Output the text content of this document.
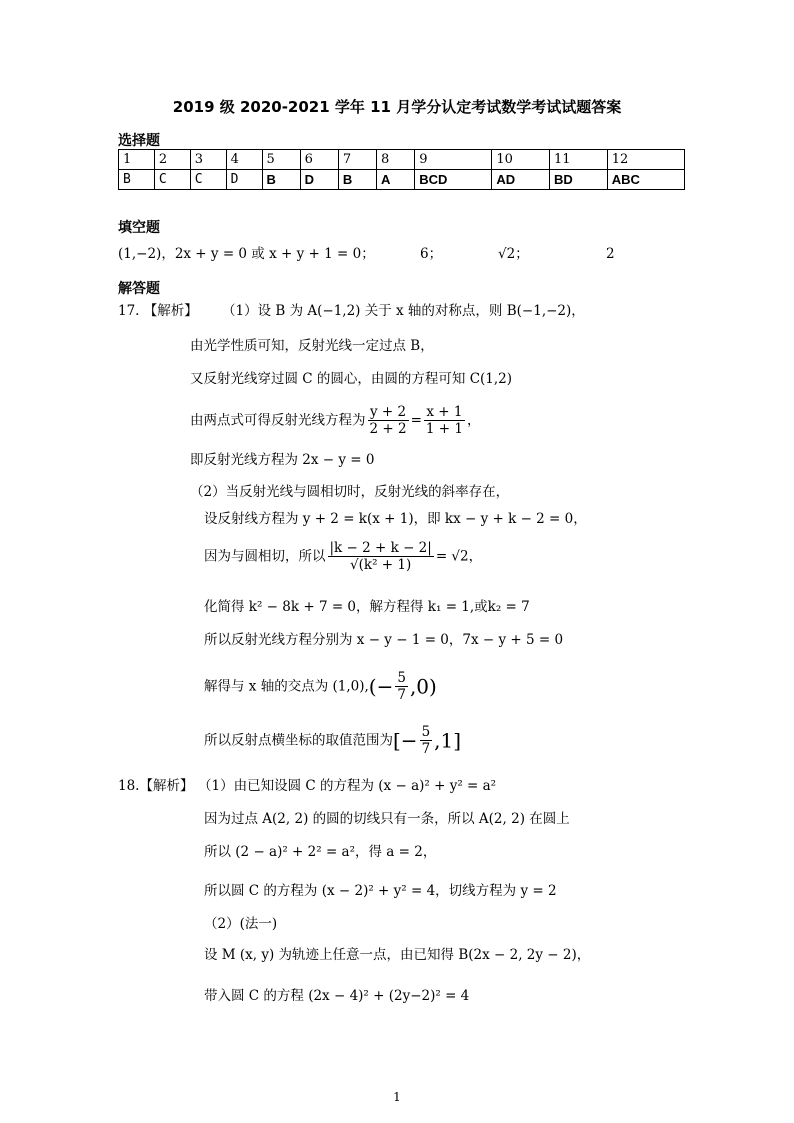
2019 级 2020-2021 学年 11 月学分认定考试数学考试试题答案
选择题
1	2	3	4	5	6	7	8	9	10	11	12
B	C	C	D	B	D	B	A	BCD	AD	BD	ABC
填空题
(1,−2)，2x + y = 0 或 x + y + 1 = 0；	6；	√2；	2
解答题
17. 【解析】 （1）设 B 为 A(−1,2) 关于 x 轴的对称点，则 B(−1,−2)，
由光学性质可知，反射光线一定过点 B，
又反射光线穿过圆 C 的圆心，由圆的方程可知 C(1,2)
由两点式可得反射光线方程为 $\frac{y + 2}{2 + 2} = \frac{x + 1}{1 + 1}$ ，
即反射光线方程为 2x − y = 0
（2）当反射光线与圆相切时，反射光线的斜率存在，
设反射线方程为 y + 2 = k(x + 1)，即 kx − y + k − 2 = 0，
因为与圆相切，所以 $\frac{|k - 2 + k - 2|}{\text{√(k² + 1)}} = √2$，
化简得 k² − 8k + 7 = 0，解方程得 k₁ = 1,或k₂ = 7
所以反射光线方程分别为 x − y − 1 = 0，7x − y + 5 = 0
解得与 x 轴的交点为 $(1,0),(- \frac{5}{7} ,0)$
所以反射点横坐标的取值范围为[− $\frac{5}{7} ,1$]
18.【解析】 （1）由已知设圆 C 的方程为 (x − a)² + y² = a²
因为过点 A(2, 2) 的圆的切线只有一条，所以 A(2, 2) 在圆上
所以 (2 − a)² + 2² = a²，得 a = 2，
所以圆 C 的方程为 (x − 2)² + y² = 4，切线方程为 y = 2
（2）(法一)
设 M (x, y) 为轨迹上任意一点，由已知得 B(2x − 2, 2y − 2)，
带入圆 C 的方程 (2x − 4)² + (2y−2)² = 4
1
